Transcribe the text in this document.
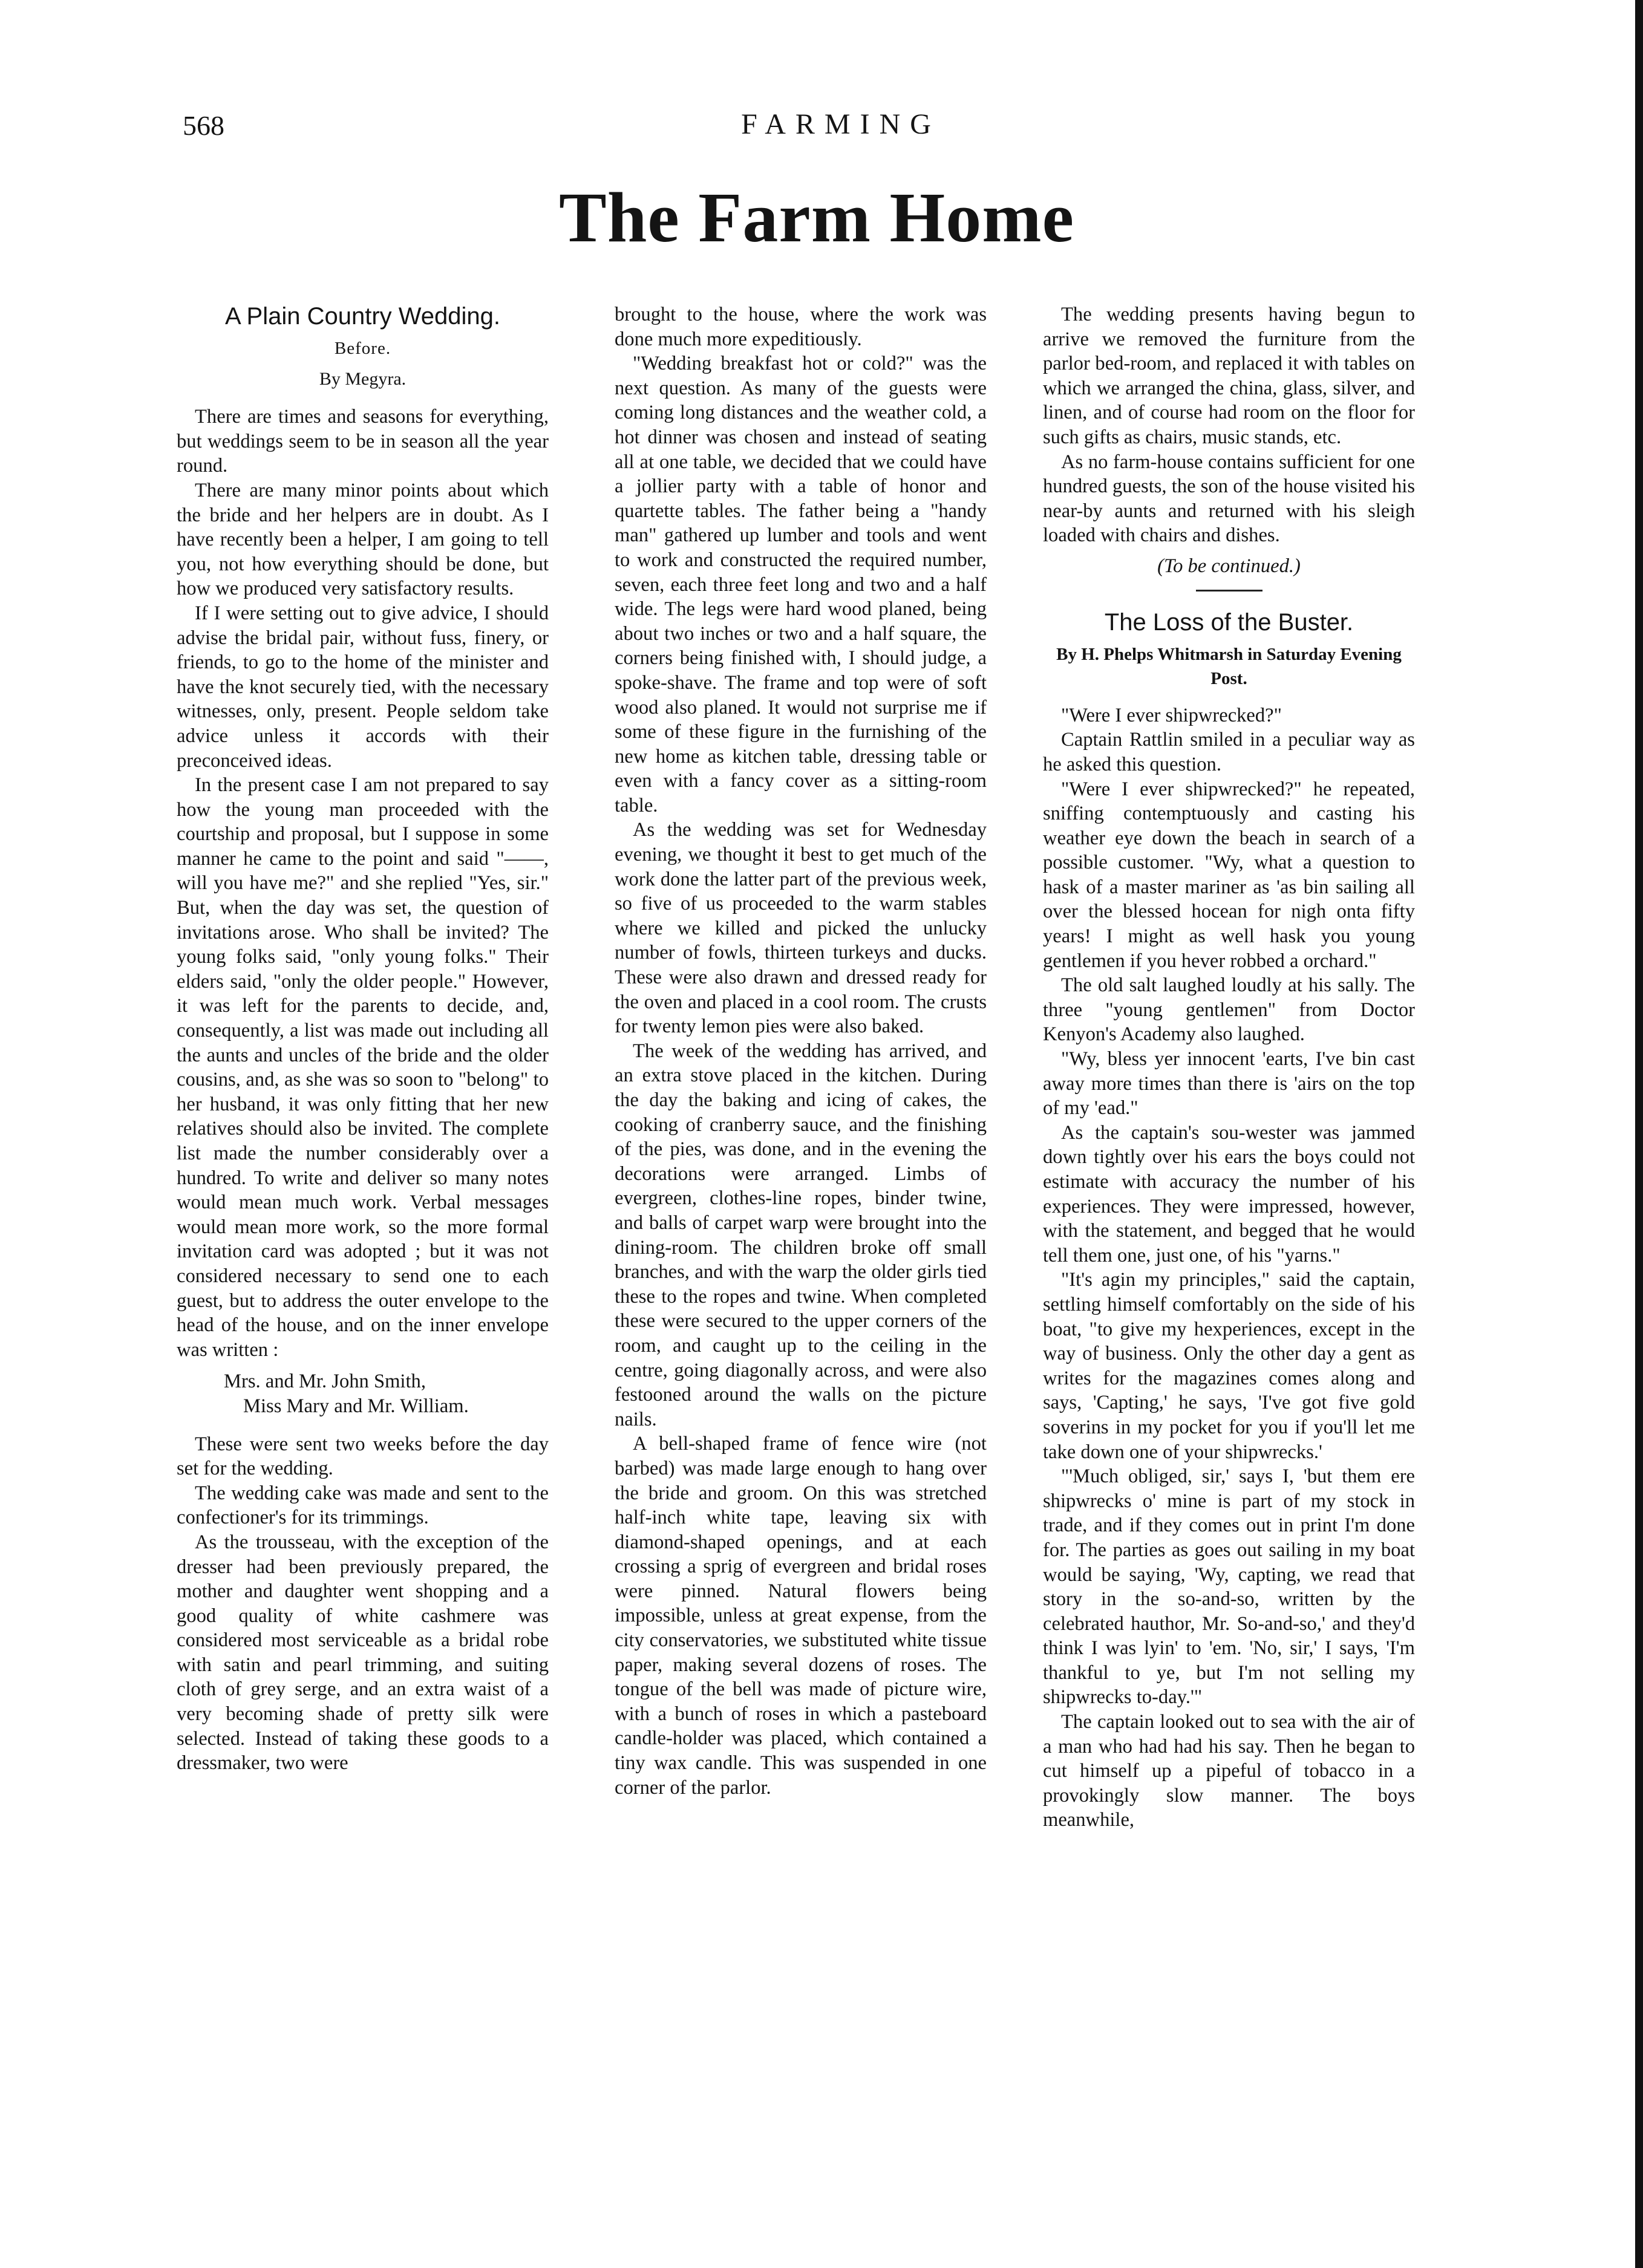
568	FARMING
The Farm Home
A Plain Country Wedding.
Before.
By Megyra.

There are times and seasons for everything, but weddings seem to be in season all the year round.

There are many minor points about which the bride and her helpers are in doubt. As I have recently been a helper, I am going to tell you, not how everything should be done, but how we produced very satisfactory results.

If I were setting out to give advice, I should advise the bridal pair, without fuss, finery, or friends, to go to the home of the minister and have the knot securely tied, with the necessary witnesses, only, present. People seldom take advice unless it accords with their preconceived ideas.

In the present case I am not prepared to say how the young man proceeded with the courtship and proposal, but I suppose in some manner he came to the point and said "——, will you have me?" and she replied "Yes, sir." But, when the day was set, the question of invitations arose. Who shall be invited? The young folks said, "only young folks." Their elders said, "only the older people." However, it was left for the parents to decide, and, consequently, a list was made out including all the aunts and uncles of the bride and the older cousins, and, as she was so soon to "belong" to her husband, it was only fitting that her new relatives should also be invited. The complete list made the number considerably over a hundred. To write and deliver so many notes would mean much work. Verbal messages would mean more work, so the more formal invitation card was adopted ; but it was not considered necessary to send one to each guest, but to address the outer envelope to the head of the house, and on the inner envelope was written :

Mrs. and Mr. John Smith,
Miss Mary and Mr. William.

These were sent two weeks before the day set for the wedding.

The wedding cake was made and sent to the confectioner's for its trimmings.

As the trousseau, with the exception of the dresser had been previously prepared, the mother and daughter went shopping and a good quality of white cashmere was considered most serviceable as a bridal robe with satin and pearl trimming, and suiting cloth of grey serge, and an extra waist of a very becoming shade of pretty silk were selected. Instead of taking these goods to a dressmaker, two were

brought to the house, where the work was done much more expeditiously.

"Wedding breakfast hot or cold?" was the next question. As many of the guests were coming long distances and the weather cold, a hot dinner was chosen and instead of seating all at one table, we decided that we could have a jollier party with a table of honor and quartette tables. The father being a "handy man" gathered up lumber and tools and went to work and constructed the required number, seven, each three feet long and two and a half wide. The legs were hard wood planed, being about two inches or two and a half square, the corners being finished with, I should judge, a spoke-shave. The frame and top were of soft wood also planed. It would not surprise me if some of these figure in the furnishing of the new home as kitchen table, dressing table or even with a fancy cover as a sitting-room table.

As the wedding was set for Wednesday evening, we thought it best to get much of the work done the latter part of the previous week, so five of us proceeded to the warm stables where we killed and picked the unlucky number of fowls, thirteen turkeys and ducks. These were also drawn and dressed ready for the oven and placed in a cool room. The crusts for twenty lemon pies were also baked.

The week of the wedding has arrived, and an extra stove placed in the kitchen. During the day the baking and icing of cakes, the cooking of cranberry sauce, and the finishing of the pies, was done, and in the evening the decorations were arranged. Limbs of evergreen, clothes-line ropes, binder twine, and balls of carpet warp were brought into the dining-room. The children broke off small branches, and with the warp the older girls tied these to the ropes and twine. When completed these were secured to the upper corners of the room, and caught up to the ceiling in the centre, going diagonally across, and were also festooned around the walls on the picture nails.

A bell-shaped frame of fence wire (not barbed) was made large enough to hang over the bride and groom. On this was stretched half-inch white tape, leaving six with diamond-shaped openings, and at each crossing a sprig of evergreen and bridal roses were pinned. Natural flowers being impossible, unless at great expense, from the city conservatories, we substituted white tissue paper, making several dozens of roses. The tongue of the bell was made of picture wire, with a bunch of roses in which a pasteboard candle-holder was placed, which contained a tiny wax candle. This was suspended in one corner of the parlor.

The wedding presents having begun to arrive we removed the furniture from the parlor bed-room, and replaced it with tables on which we arranged the china, glass, silver, and linen, and of course had room on the floor for such gifts as chairs, music stands, etc.

As no farm-house contains sufficient for one hundred guests, the son of the house visited his near-by aunts and returned with his sleigh loaded with chairs and dishes.

(To be continued.)
The Loss of the Buster.
By H. Phelps Whitmarsh in Saturday Evening Post.

"Were I ever shipwrecked?"

Captain Rattlin smiled in a peculiar way as he asked this question.

"Were I ever shipwrecked?" he repeated, sniffing contemptuously and casting his weather eye down the beach in search of a possible customer. "Wy, what a question to hask of a master mariner as 'as bin sailing all over the blessed hocean for nigh onta fifty years! I might as well hask you young gentlemen if you hever robbed a orchard."

The old salt laughed loudly at his sally. The three "young gentlemen" from Doctor Kenyon's Academy also laughed.

"Wy, bless yer innocent 'earts, I've bin cast away more times than there is 'airs on the top of my 'ead."

As the captain's sou-wester was jammed down tightly over his ears the boys could not estimate with accuracy the number of his experiences. They were impressed, however, with the statement, and begged that he would tell them one, just one, of his "yarns."

"It's agin my principles," said the captain, settling himself comfortably on the side of his boat, "to give my hexperiences, except in the way of business. Only the other day a gent as writes for the magazines comes along and says, 'Capting,' he says, 'I've got five gold soverins in my pocket for you if you'll let me take down one of your shipwrecks.'

"'Much obliged, sir,' says I, 'but them ere shipwrecks o' mine is part of my stock in trade, and if they comes out in print I'm done for. The parties as goes out sailing in my boat would be saying, 'Wy, capting, we read that story in the so-and-so, written by the celebrated hauthor, Mr. So-and-so,' and they'd think I was lyin' to 'em. 'No, sir,' I says, 'I'm thankful to ye, but I'm not selling my shipwrecks to-day.'"

The captain looked out to sea with the air of a man who had had his say. Then he began to cut himself up a pipeful of tobacco in a provokingly slow manner. The boys meanwhile,
